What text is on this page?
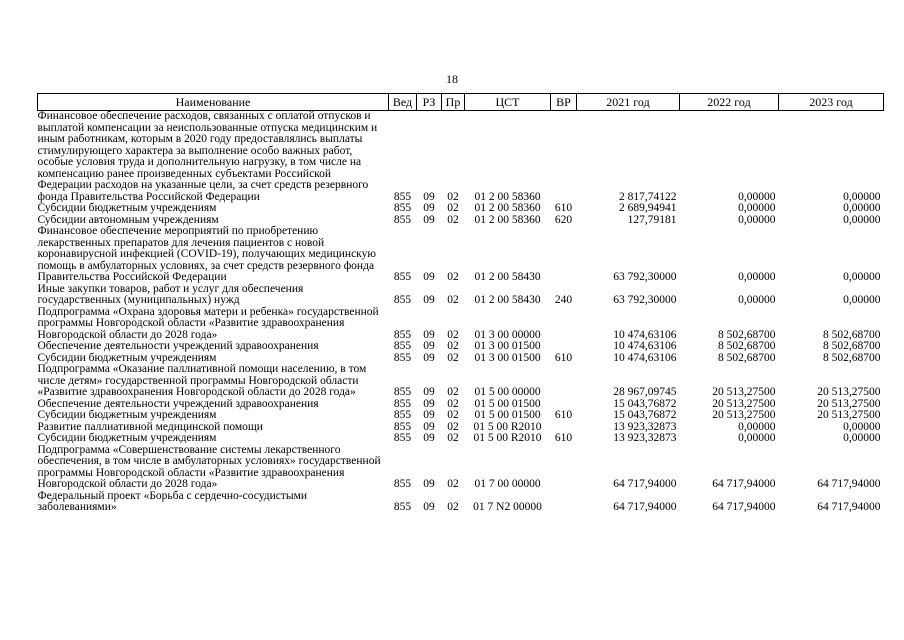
18
Наименование	Вед	РЗ	Пр	ЦСТ	ВР	2021 год	2022 год	2023 год
Финансовое обеспечение расходов, связанных с оплатой отпусков и выплатой компенсации за неиспользованные отпуска медицинским и иным работникам, которым в 2020 году предоставлялись выплаты стимулирующего характера за выполнение особо важных работ, особые условия труда и дополнительную нагрузку, в том числе на компенсацию ранее произведенных субъектами Российской Федерации расходов на указанные цели, за счет средств резервного фонда Правительства Российской Федерации	855	09	02	01 2 00 58360		2 817,74122	0,00000	0,00000
Субсидии бюджетным учреждениям	855	09	02	01 2 00 58360	610	2 689,94941	0,00000	0,00000
Субсидии автономным учреждениям	855	09	02	01 2 00 58360	620	127,79181	0,00000	0,00000
Финансовое обеспечение мероприятий по приобретению лекарственных препаратов для лечения пациентов с новой коронавирусной инфекцией (COVID-19), получающих медицинскую помощь в амбулаторных условиях, за счет средств резервного фонда Правительства Российской Федерации	855	09	02	01 2 00 58430		63 792,30000	0,00000	0,00000
Иные закупки товаров, работ и услуг для обеспечения государственных (муниципальных) нужд	855	09	02	01 2 00 58430	240	63 792,30000	0,00000	0,00000
Подпрограмма «Охрана здоровья матери и ребенка» государственной программы Новгородской области «Развитие здравоохранения Новгородской области до 2028 года»	855	09	02	01 3 00 00000		10 474,63106	8 502,68700	8 502,68700
Обеспечение деятельности учреждений здравоохранения	855	09	02	01 3 00 01500		10 474,63106	8 502,68700	8 502,68700
Субсидии бюджетным учреждениям	855	09	02	01 3 00 01500	610	10 474,63106	8 502,68700	8 502,68700
Подпрограмма «Оказание паллиативной помощи населению, в том числе детям» государственной программы Новгородской области «Развитие здравоохранения Новгородской области до 2028 года»	855	09	02	01 5 00 00000		28 967,09745	20 513,27500	20 513,27500
Обеспечение деятельности учреждений здравоохранения	855	09	02	01 5 00 01500		15 043,76872	20 513,27500	20 513,27500
Субсидии бюджетным учреждениям	855	09	02	01 5 00 01500	610	15 043,76872	20 513,27500	20 513,27500
Развитие паллиативной медицинской помощи	855	09	02	01 5 00 R2010		13 923,32873	0,00000	0,00000
Субсидии бюджетным учреждениям	855	09	02	01 5 00 R2010	610	13 923,32873	0,00000	0,00000
Подпрограмма «Совершенствование системы лекарственного обеспечения, в том числе в амбулаторных условиях» государственной программы Новгородской области «Развитие здравоохранения Новгородской области до 2028 года»	855	09	02	01 7 00 00000		64 717,94000	64 717,94000	64 717,94000
Федеральный проект «Борьба с сердечно-сосудистыми заболеваниями»	855	09	02	01 7 N2 00000		64 717,94000	64 717,94000	64 717,94000
